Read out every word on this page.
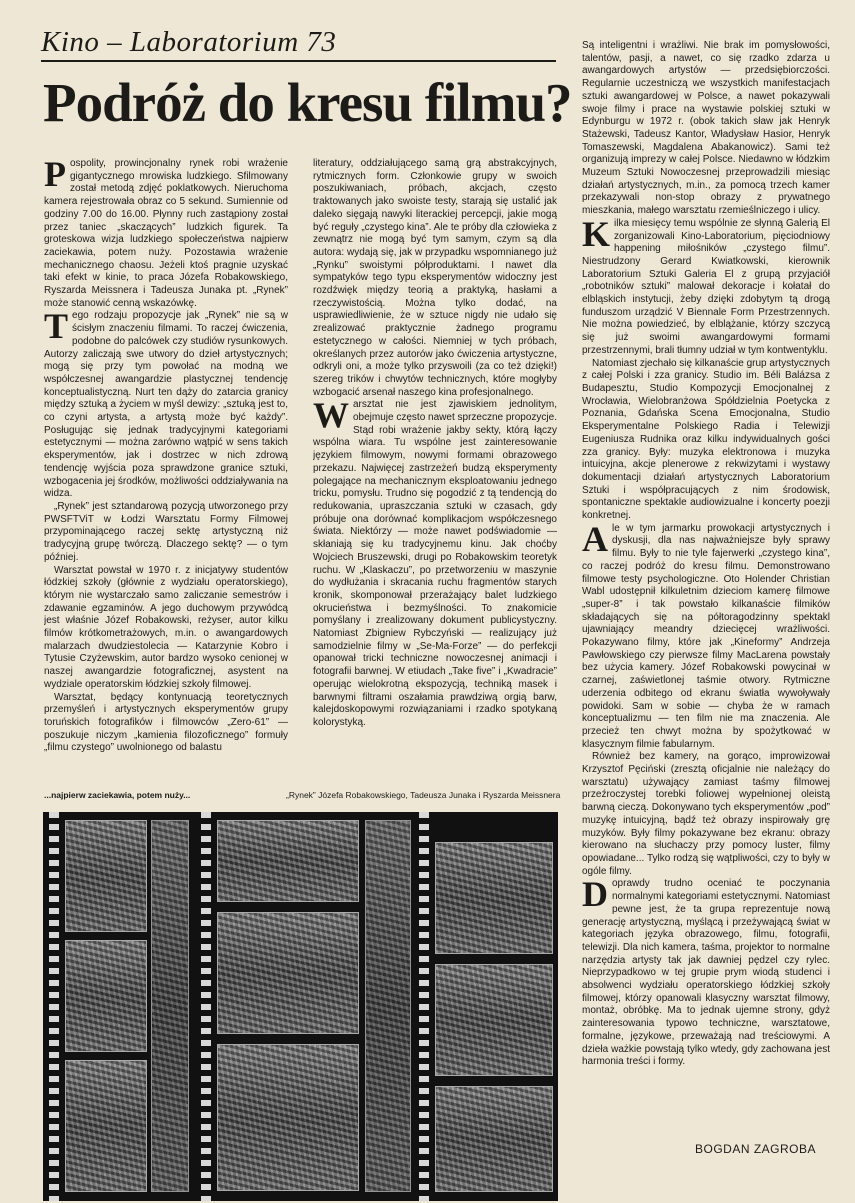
Kino – Laboratorium 73
Podróż do kresu filmu?

Pospolity, prowincjonalny rynek robi wrażenie gigantycznego mrowiska ludzkiego. Sfilmowany został metodą zdjęć poklatkowych. Nieruchoma kamera rejestrowała obraz co 5 sekund. Sumiennie od godziny 7.00 do 16.00. Płynny ruch zastąpiony został przez taniec „skaczących” ludzkich figurek. Ta groteskowa wizja ludzkiego społeczeństwa najpierw zaciekawia, potem nuży. Pozostawia wrażenie mechanicznego chaosu. Jeżeli ktoś pragnie uzyskać taki efekt w kinie, to praca Józefa Robakowskiego, Ryszarda Meissnera i Tadeusza Junaka pt. „Rynek” może stanowić cenną wskazówkę.

Tego rodzaju propozycje jak „Rynek” nie są w ścisłym znaczeniu filmami. To raczej ćwiczenia, podobne do palcówek czy studiów rysunkowych. Autorzy zaliczają swe utwory do dzieł artystycznych; mogą się przy tym powołać na modną we współczesnej awangardzie plastycznej tendencję konceptualistyczną. Nurt ten dąży do zatarcia granicy między sztuką a życiem w myśl dewizy: „sztuką jest to, co czyni artysta, a artystą może być każdy”. Posługując się jednak tradycyjnymi kategoriami estetycznymi — można zarówno wątpić w sens takich eksperymentów, jak i dostrzec w nich zdrową tendencję wyjścia poza sprawdzone granice sztuki, wzbogacenia jej środków, możliwości oddziaływania na widza.

„Rynek” jest sztandarową pozycją utworzonego przy PWSFTViT w Łodzi Warsztatu Formy Filmowej przypominającego raczej sektę artystyczną niż tradycyjną grupę twórczą. Dlaczego sektę? — o tym później.

Warsztat powstał w 1970 r. z inicjatywy studentów łódzkiej szkoły (głównie z wydziału operatorskiego), którym nie wystarczało samo zaliczanie semestrów i zdawanie egzaminów. A jego duchowym przywódcą jest właśnie Józef Robakowski, reżyser, autor kilku filmów krótkometrażowych, m.in. o awangardowych malarzach dwudziestolecia — Katarzynie Kobro i Tytusie Czyżewskim, autor bardzo wysoko cenionej w naszej awangardzie fotograficznej, asystent na wydziale operatorskim łódzkiej szkoły filmowej.

Warsztat, będący kontynuacją teoretycznych przemyśleń i artystycznych eksperymentów grupy toruńskich fotografików i filmowców „Zero-61” — poszukuje niczym „kamienia filozoficznego” formuły „filmu czystego” uwolnionego od balastu

literatury, oddziałującego samą grą abstrakcyjnych, rytmicznych form. Członkowie grupy w swoich poszukiwaniach, próbach, akcjach, często traktowanych jako swoiste testy, starają się ustalić jak daleko sięgają nawyki literackiej percepcji, jakie mogą być reguły „czystego kina”. Ale te próby dla człowieka z zewnątrz nie mogą być tym samym, czym są dla autora: wydają się, jak w przypadku wspomnianego już „Rynku” swoistymi półproduktami. I nawet dla sympatyków tego typu eksperymentów widoczny jest rozdźwięk między teorią a praktyką, hasłami a rzeczywistością. Można tylko dodać, na usprawiedliwienie, że w sztuce nigdy nie udało się zrealizować praktycznie żadnego programu estetycznego w całości. Niemniej w tych próbach, określanych przez autorów jako ćwiczenia artystyczne, odkryli oni, a może tylko przyswoili (za co też dzięki!) szereg trików i chwytów technicznych, które mogłyby wzbogacić arsenał naszego kina profesjonalnego.

Warsztat nie jest zjawiskiem jednolitym, obejmuje często nawet sprzeczne propozycje. Stąd robi wrażenie jakby sekty, którą łączy wspólna wiara. Tu wspólne jest zainteresowanie językiem filmowym, nowymi formami obrazowego przekazu. Najwięcej zastrzeżeń budzą eksperymenty polegające na mechanicznym eksploatowaniu jednego tricku, pomysłu. Trudno się pogodzić z tą tendencją do redukowania, upraszczania sztuki w czasach, gdy próbuje ona dorównać komplikacjom współczesnego świata. Niektórzy — może nawet podświadomie — skłaniają się ku tradycyjnemu kinu. Jak choćby Wojciech Bruszewski, drugi po Robakowskim teoretyk ruchu. W „Klaskaczu”, po przetworzeniu w maszynie do wydłużania i skracania ruchu fragmentów starych kronik, skomponował przerażający balet ludzkiego okrucieństwa i bezmyślności. To znakomicie pomyślany i zrealizowany dokument publicystyczny. Natomiast Zbigniew Rybczyński — realizujący już samodzielnie filmy w „Se-Ma-Forze” — do perfekcji opanował tricki techniczne nowoczesnej animacji i fotografii barwnej. W etiudach „Take five” i „Kwadracie” operując wielokrotną ekspozycją, techniką masek i barwnymi filtrami oszałamia prawdziwą orgią barw, kalejdoskopowymi rozwiązaniami i rzadko spotykaną kolorystyką.

Są inteligentni i wrażliwi. Nie brak im pomysłowości, talentów, pasji, a nawet, co się rzadko zdarza u awangardowych artystów — przedsiębiorczości. Regularnie uczestniczą we wszystkich manifestacjach sztuki awangardowej w Polsce, a nawet pokazywali swoje filmy i prace na wystawie polskiej sztuki w Edynburgu w 1972 r. (obok takich sław jak Henryk Stażewski, Tadeusz Kantor, Władysław Hasior, Henryk Tomaszewski, Magdalena Abakanowicz). Sami też organizują imprezy w całej Polsce. Niedawno w łódzkim Muzeum Sztuki Nowoczesnej przeprowadzili miesiąc działań artystycznych, m.in., za pomocą trzech kamer przekazywali non-stop obrazy z prywatnego mieszkania, małego warsztatu rzemieślniczego i ulicy.

Kilka miesięcy temu wspólnie ze słynną Galerią El zorganizowali Kino-Laboratorium, pięciodniowy happening miłośników „czystego filmu”. Niestrudzony Gerard Kwiatkowski, kierownik Laboratorium Sztuki Galeria El z grupą przyjaciół „robotników sztuki” malował dekoracje i kołatał do elbląskich instytucji, żeby dzięki zdobytym tą drogą funduszom urządzić V Biennale Form Przestrzennych. Nie można powiedzieć, by elblążanie, którzy szczycą się już swoimi awangardowymi formami przestrzennymi, brali tłumny udział w tym kontwentyklu.

Natomiast zjechało się kilkanaście grup artystycznych z całej Polski i zza granicy. Studio im. Béli Balázsa z Budapesztu, Studio Kompozycji Emocjonalnej z Wrocławia, Wielobranżowa Spółdzielnia Poetycka z Poznania, Gdańska Scena Emocjonalna, Studio Eksperymentalne Polskiego Radia i Telewizji Eugeniusza Rudnika oraz kilku indywidualnych gości zza granicy. Były: muzyka elektronowa i muzyka intuicyjna, akcje plenerowe z rekwizytami i wystawy dokumentacji działań artystycznych Laboratorium Sztuki i współpracujących z nim środowisk, spontaniczne spektakle audiowizualne i koncerty poezji konkretnej.

Ale w tym jarmarku prowokacji artystycznych i dyskusji, dla nas najważniejsze były sprawy filmu. Były to nie tyle fajerwerki „czystego kina”, co raczej podróż do kresu filmu. Demonstrowano filmowe testy psychologiczne. Oto Holender Christian Wabl udostępnił kilkuletnim dzieciom kamerę filmowe „super-8” i tak powstało kilkanaście filmików składających się na półtoragodzinny spektakl ujawniający meandry dziecięcej wrażliwości. Pokazywano filmy, które jak „Kineformy” Andrzeja Pawłowskiego czy pierwsze filmy MacLarena powstały bez użycia kamery. Józef Robakowski powycinał w czarnej, zaświetlonej taśmie otwory. Rytmiczne uderzenia odbitego od ekranu światła wywoływały powidoki. Sam w sobie — chyba że w ramach konceptualizmu — ten film nie ma znaczenia. Ale przecież ten chwyt można by spożytkować w klasycznym filmie fabularnym.

Również bez kamery, na gorąco, improwizował Krzysztof Pęciński (zresztą oficjalnie nie należący do warsztatu) używający zamiast taśmy filmowej przeźroczystej torebki foliowej wypełnionej oleistą barwną cieczą. Dokonywano tych eksperymentów „pod” muzykę intuicyjną, bądź też obrazy inspirowały grę muzyków. Były filmy pokazywane bez ekranu: obrazy kierowano na słuchaczy przy pomocy luster, filmy opowiadane... Tylko rodzą się wątpliwości, czy to były w ogóle filmy.

Doprawdy trudno oceniać te poczynania normalnymi kategoriami estetycznymi. Natomiast pewne jest, że ta grupa reprezentuje nową generację artystyczną, myślącą i przeżywającą świat w kategoriach języka obrazowego, filmu, fotografii, telewizji. Dla nich kamera, taśma, projektor to normalne narzędzia artysty tak jak dawniej pędzel czy rylec. Nieprzypadkowo w tej grupie prym wiodą studenci i absolwenci wydziału operatorskiego łódzkiej szkoły filmowej, którzy opanowali klasyczny warsztat filmowy, montaż, obróbkę. Ma to jednak ujemne strony, gdyż zainteresowania typowo techniczne, warsztatowe, formalne, językowe, przeważają nad treściowymi. A dzieła ważkie powstają tylko wtedy, gdy zachowana jest harmonia treści i formy.

...najpierw zaciekawia, potem nuży...	„Rynek” Józefa Robakowskiego, Tadeusza Junaka i Ryszarda Meissnera
BOGDAN ZAGROBA
